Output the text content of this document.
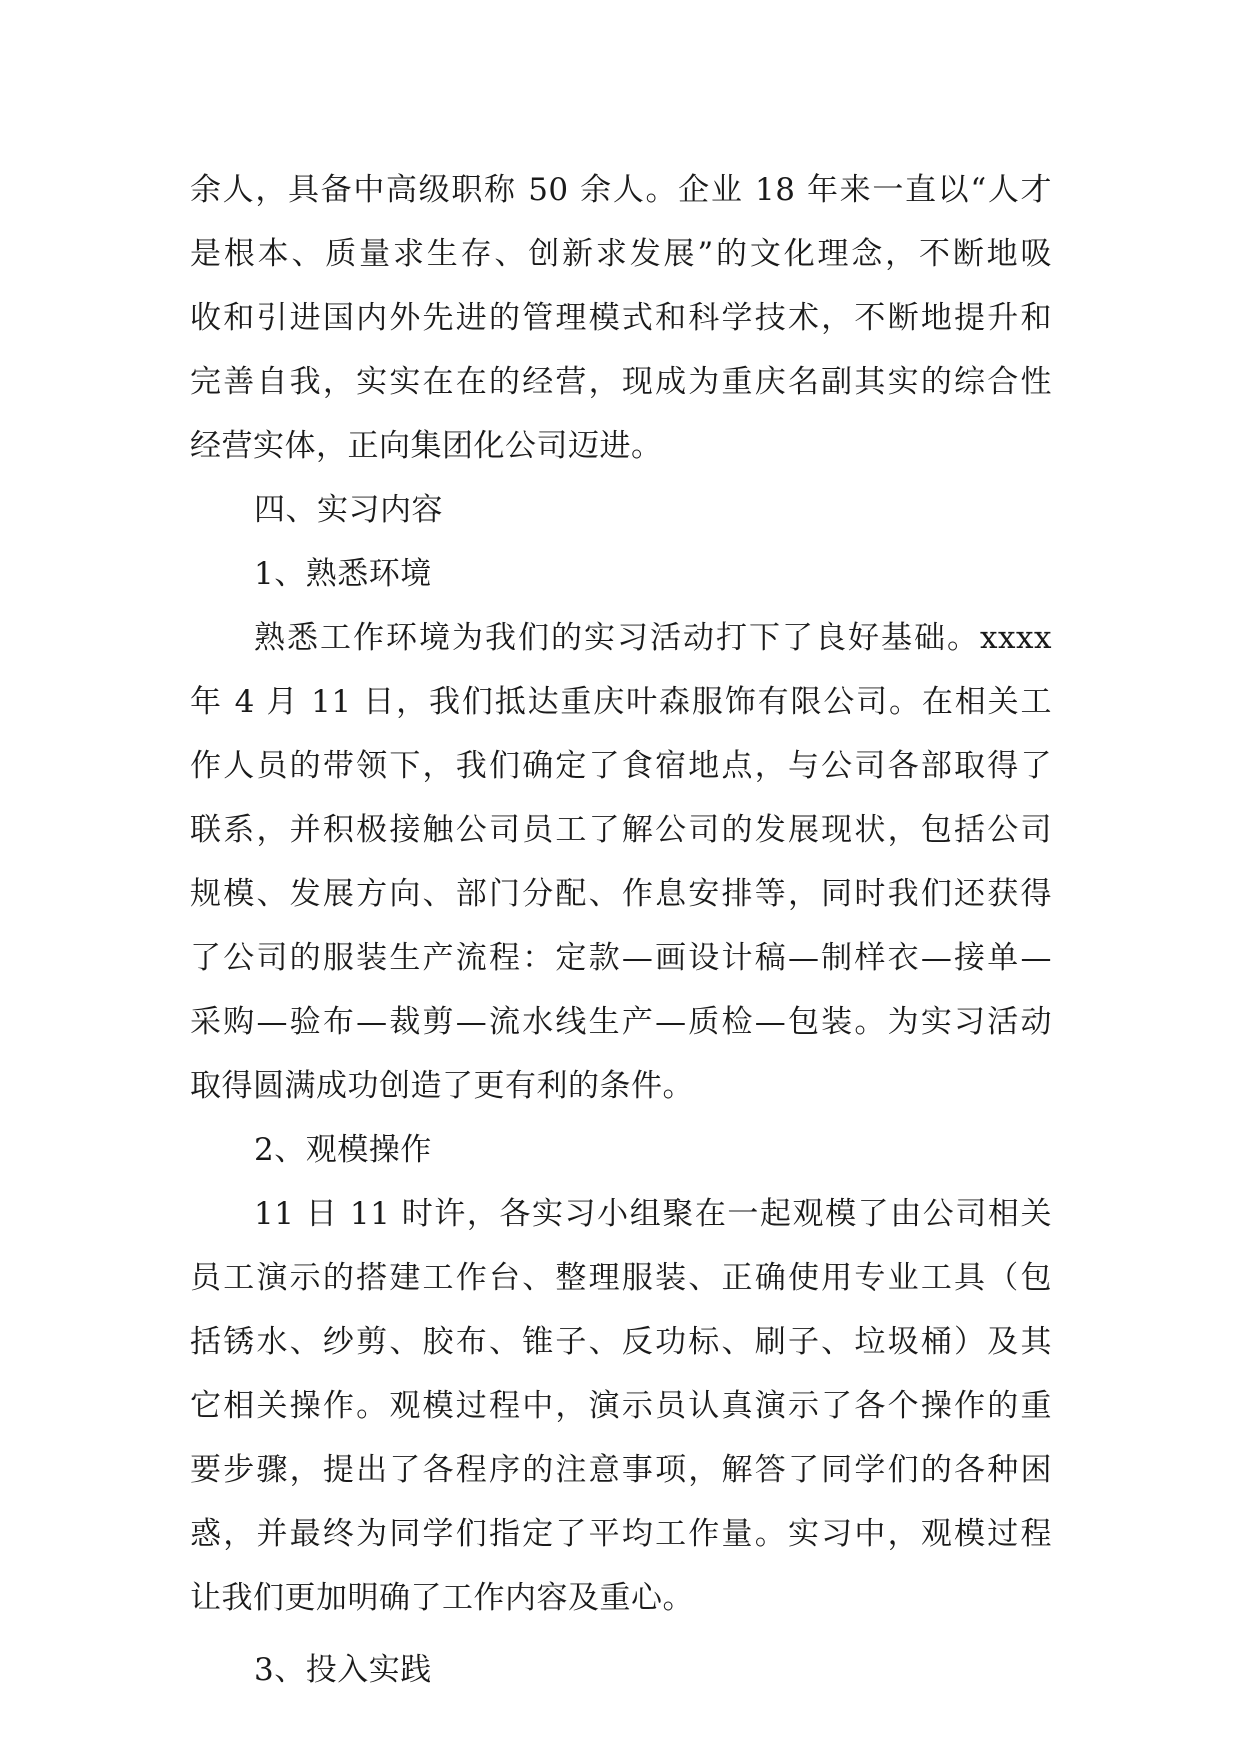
余人，具备中高级职称 50 余人。企业 18 年来一直以“人才
是根本、质量求生存、创新求发展”的文化理念，不断地吸
收和引进国内外先进的管理模式和科学技术，不断地提升和
完善自我，实实在在的经营，现成为重庆名副其实的综合性
经营实体，正向集团化公司迈进。
四、实习内容
1、熟悉环境
熟悉工作环境为我们的实习活动打下了良好基础。xxxx
年 4 月 11 日，我们抵达重庆叶森服饰有限公司。在相关工
作人员的带领下，我们确定了食宿地点，与公司各部取得了
联系，并积极接触公司员工了解公司的发展现状，包括公司
规模、发展方向、部门分配、作息安排等，同时我们还获得
了公司的服装生产流程：定款—画设计稿—制样衣—接单—
采购—验布—裁剪—流水线生产—质检—包装。为实习活动
取得圆满成功创造了更有利的条件。
2、观模操作
11 日 11 时许，各实习小组聚在一起观模了由公司相关
员工演示的搭建工作台、整理服装、正确使用专业工具（包
括锈水、纱剪、胶布、锥子、反功标、刷子、垃圾桶）及其
它相关操作。观模过程中，演示员认真演示了各个操作的重
要步骤，提出了各程序的注意事项，解答了同学们的各种困
惑，并最终为同学们指定了平均工作量。实习中，观模过程
让我们更加明确了工作内容及重心。
3、投入实践
